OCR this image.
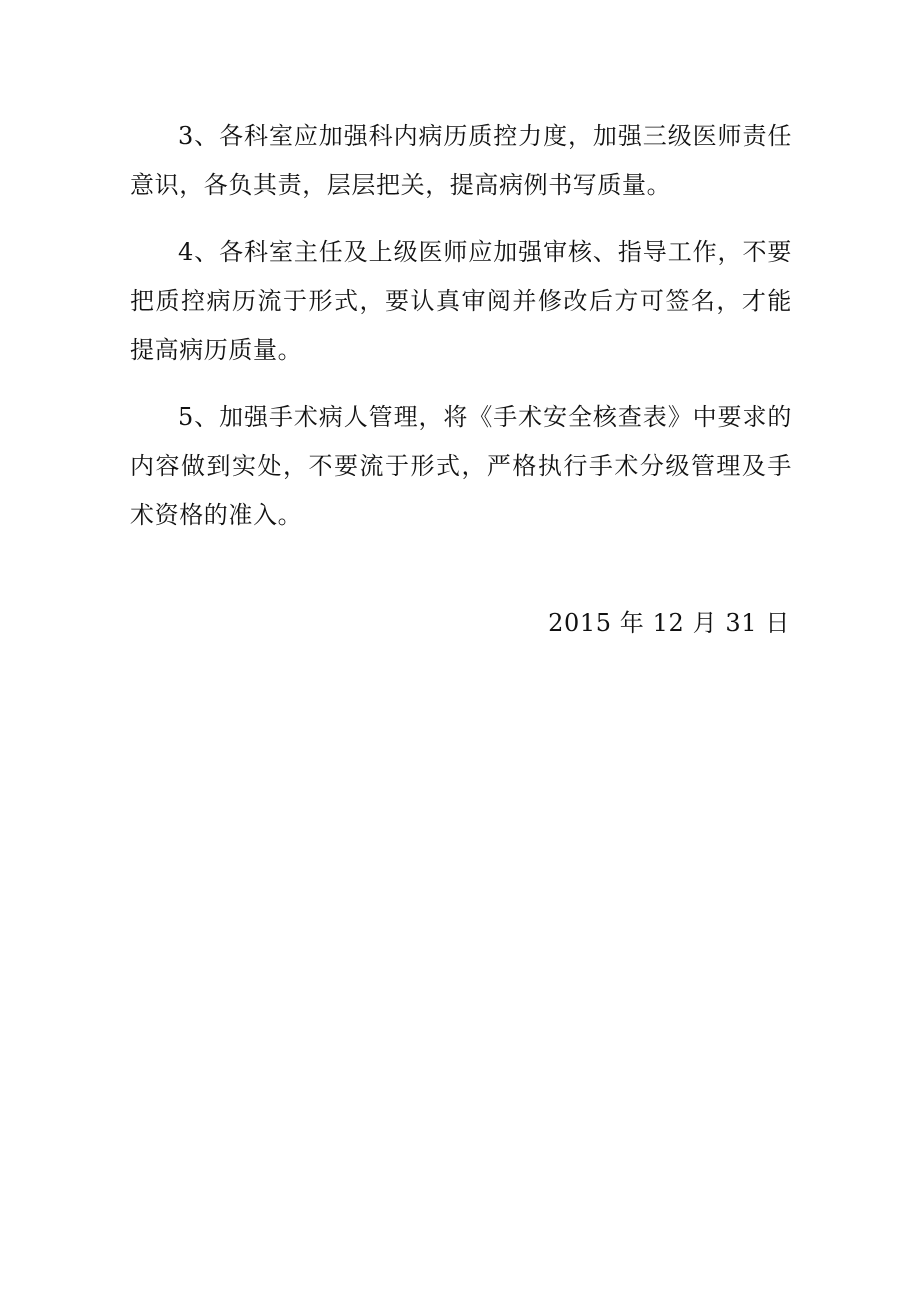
3、各科室应加强科内病历质控力度，加强三级医师责任意识，各负其责，层层把关，提高病例书写质量。

4、各科室主任及上级医师应加强审核、指导工作，不要把质控病历流于形式，要认真审阅并修改后方可签名，才能提高病历质量。

5、加强手术病人管理，将《手术安全核查表》中要求的内容做到实处，不要流于形式，严格执行手术分级管理及手术资格的准入。

2015 年 12 月 31 日
